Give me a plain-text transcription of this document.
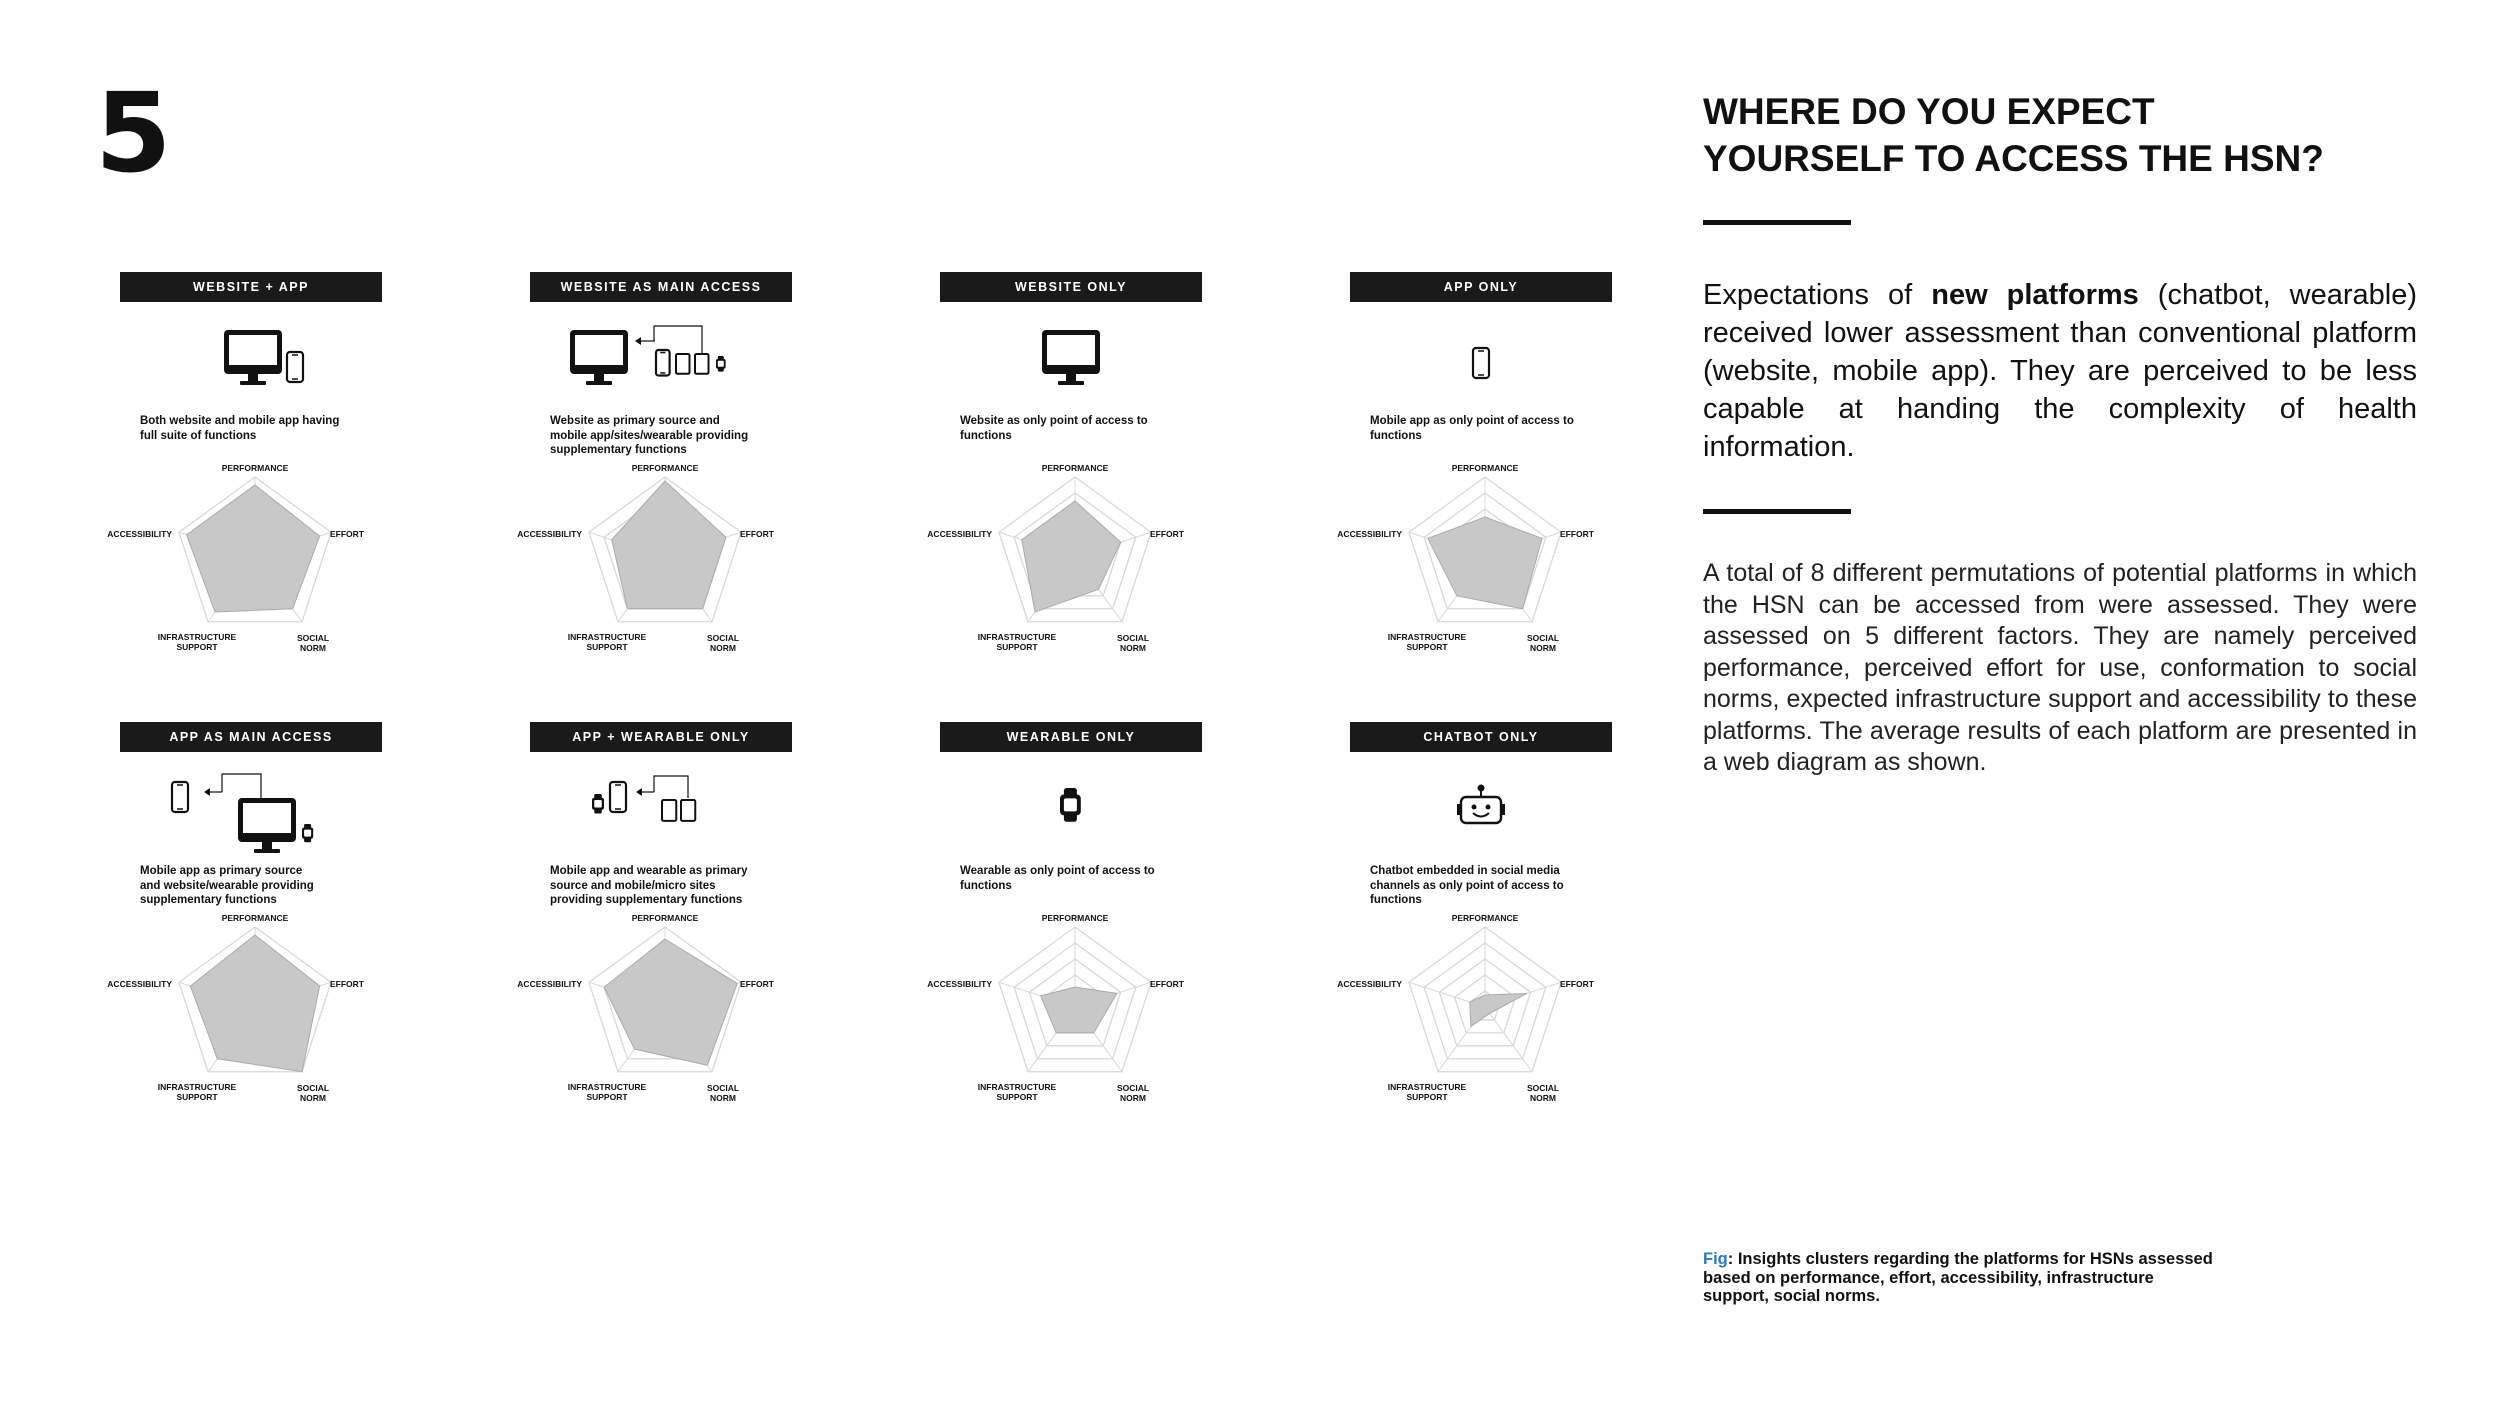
5	WHERE DO YOU EXPECT
YOURSELF TO ACCESS THE HSN?
Expectations of new platforms (chatbot, wearable) received lower assessment than conventional platform (website, mobile app). They are perceived to be less capable at handing the complexity of health information.
A total of 8 different permutations of potential platforms in which the HSN can be accessed from were assessed. They were assessed on 5 different factors. They are namely perceived performance, perceived effort for use, conformation to social norms, expected infrastructure support and accessibility to these platforms. The average results of each platform are presented in a web diagram as shown.
Fig: Insights clusters regarding the platforms for HSNs assessed based on performance, effort, accessibility, infrastructure support, social norms.
WEBSITE + APP
Both website and mobile app having
full suite of functions
PERFORMANCE
EFFORT
SOCIAL
NORM
INFRASTRUCTURE
SUPPORT
ACCESSIBILITY
WEBSITE AS MAIN ACCESS
Website as primary source and
mobile app/sites/wearable providing
supplementary functions
PERFORMANCE
EFFORT
SOCIAL
NORM
INFRASTRUCTURE
SUPPORT
ACCESSIBILITY
WEBSITE ONLY
Website as only point of access to
functions
PERFORMANCE
EFFORT
SOCIAL
NORM
INFRASTRUCTURE
SUPPORT
ACCESSIBILITY
APP ONLY
Mobile app as only point of access to
functions
PERFORMANCE
EFFORT
SOCIAL
NORM
INFRASTRUCTURE
SUPPORT
ACCESSIBILITY
APP AS MAIN ACCESS
Mobile app as primary source
and website/wearable providing
supplementary functions
PERFORMANCE
EFFORT
SOCIAL
NORM
INFRASTRUCTURE
SUPPORT
ACCESSIBILITY
APP + WEARABLE ONLY
Mobile app and wearable as primary
source and mobile/micro sites
providing supplementary functions
PERFORMANCE
EFFORT
SOCIAL
NORM
INFRASTRUCTURE
SUPPORT
ACCESSIBILITY
WEARABLE ONLY
Wearable as only point of access to
functions
PERFORMANCE
EFFORT
SOCIAL
NORM
INFRASTRUCTURE
SUPPORT
ACCESSIBILITY
CHATBOT ONLY
Chatbot embedded in social media
channels as only point of access to
functions
PERFORMANCE
EFFORT
SOCIAL
NORM
INFRASTRUCTURE
SUPPORT
ACCESSIBILITY
